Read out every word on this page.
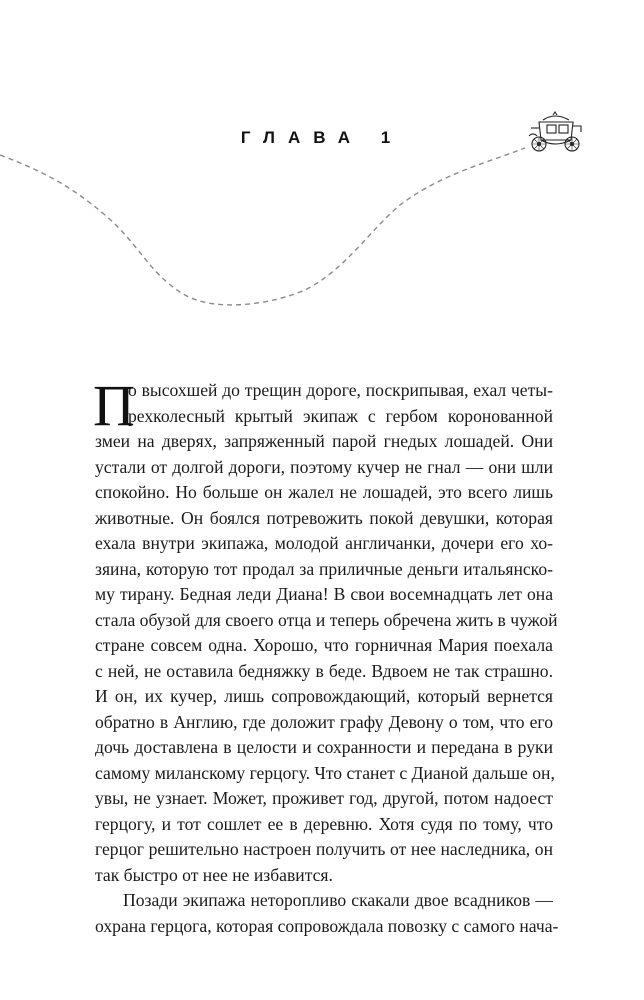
ГЛАВА 1
П
о высохшей до трещин дороге, поскрипывая, ехал четы-
рехколесный крытый экипаж с гербом коронованной
змеи на дверях, запряженный парой гнедых лошадей. Они
устали от долгой дороги, поэтому кучер не гнал — они шли
спокойно. Но больше он жалел не лошадей, это всего лишь
животные. Он боялся потревожить покой девушки, которая
ехала внутри экипажа, молодой англичанки, дочери его хо-
зяина, которую тот продал за приличные деньги итальянско-
му тирану. Бедная леди Диана! В свои восемнадцать лет она
стала обузой для своего отца и теперь обречена жить в чужой
стране совсем одна. Хорошо, что горничная Мария поехала
с ней, не оставила бедняжку в беде. Вдвоем не так страшно.
И он, их кучер, лишь сопровождающий, который вернется
обратно в Англию, где доложит графу Девону о том, что его
дочь доставлена в целости и сохранности и передана в руки
самому миланскому герцогу. Что станет с Дианой дальше он,
увы, не узнает. Может, проживет год, другой, потом надоест
герцогу, и тот сошлет ее в деревню. Хотя судя по тому, что
герцог решительно настроен получить от нее наследника, он
так быстро от нее не избавится.
Позади экипажа неторопливо скакали двое всадников —
охрана герцога, которая сопровождала повозку с самого нача-
